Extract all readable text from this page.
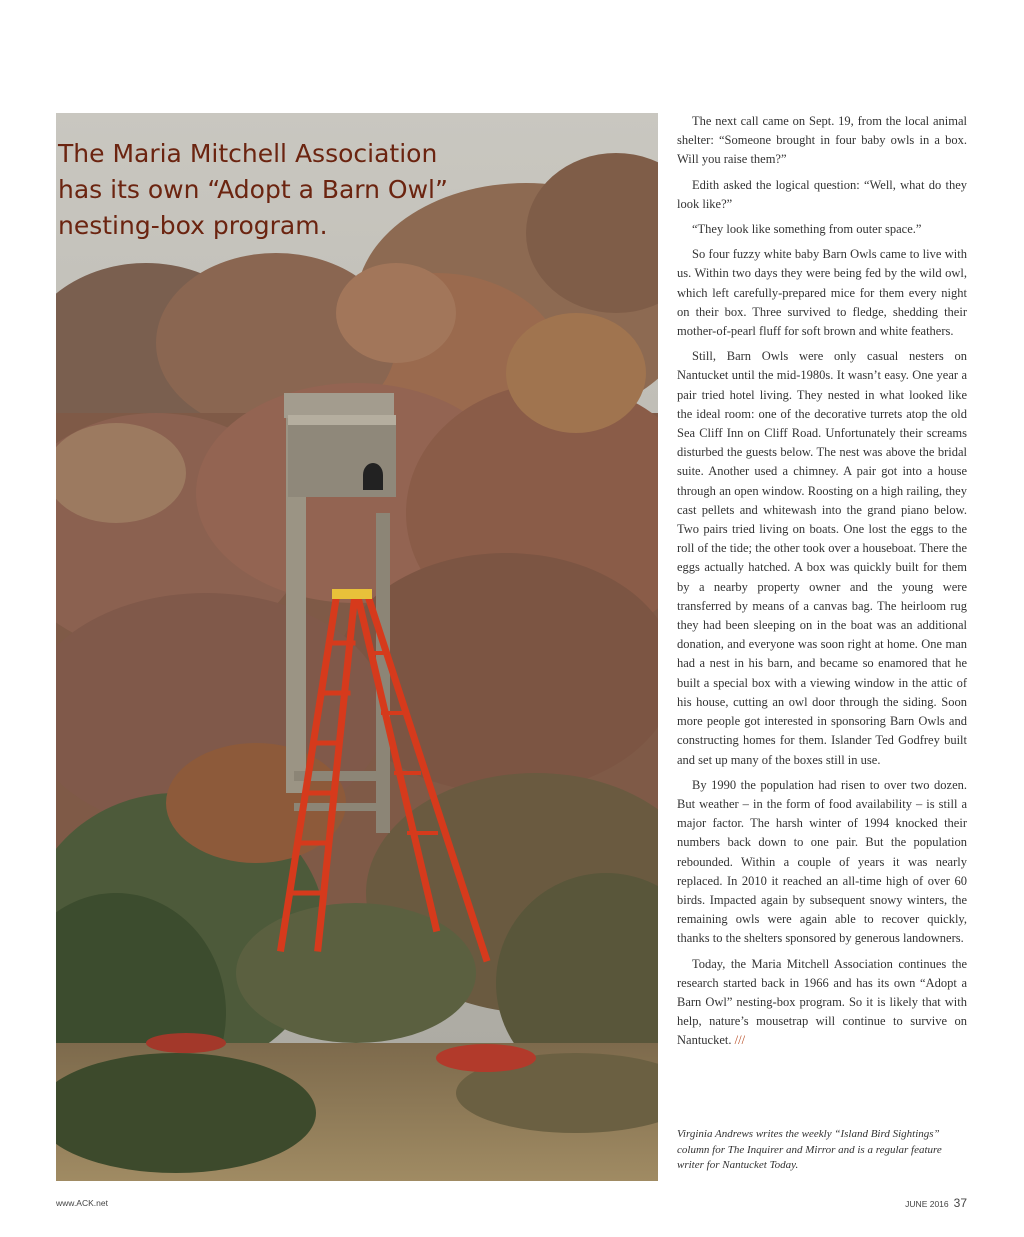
The Maria Mitchell Association has its own “Adopt a Barn Owl” nesting-box program.

The next call came on Sept. 19, from the local animal shelter: “Someone brought in four baby owls in a box. Will you raise them?”

Edith asked the logical question: “Well, what do they look like?”

“They look like something from outer space.”

So four fuzzy white baby Barn Owls came to live with us. Within two days they were being fed by the wild owl, which left carefully-prepared mice for them every night on their box. Three survived to fledge, shedding their mother-of-pearl fluff for soft brown and white feathers.

Still, Barn Owls were only casual nesters on Nantucket until the mid-1980s. It wasn’t easy. One year a pair tried hotel living. They nested in what looked like the ideal room: one of the decorative turrets atop the old Sea Cliff Inn on Cliff Road. Unfortunately their screams disturbed the guests below. The nest was above the bridal suite. Another used a chimney. A pair got into a house through an open window. Roosting on a high railing, they cast pellets and whitewash into the grand piano below. Two pairs tried living on boats. One lost the eggs to the roll of the tide; the other took over a houseboat. There the eggs actually hatched. A box was quickly built for them by a nearby property owner and the young were transferred by means of a canvas bag. The heirloom rug they had been sleeping on in the boat was an additional donation, and everyone was soon right at home. One man had a nest in his barn, and became so enamored that he built a special box with a viewing window in the attic of his house, cutting an owl door through the siding. Soon more people got interested in sponsoring Barn Owls and constructing homes for them. Islander Ted Godfrey built and set up many of the boxes still in use.

By 1990 the population had risen to over two dozen. But weather – in the form of food availability – is still a major factor. The harsh winter of 1994 knocked their numbers back down to one pair. But the population rebounded. Within a couple of years it was nearly replaced. In 2010 it reached an all-time high of over 60 birds. Impacted again by subsequent snowy winters, the remaining owls were again able to recover quickly, thanks to the shelters sponsored by generous landowners.

Today, the Maria Mitchell Association continues the research started back in 1966 and has its own “Adopt a Barn Owl” nesting-box program. So it is likely that with help, nature’s mousetrap will continue to survive on Nantucket. ///

Virginia Andrews writes the weekly “Island Bird Sightings” column for The Inquirer and Mirror and is a regular feature writer for Nantucket Today.

www.ACK.net	JUNE 2016 37
